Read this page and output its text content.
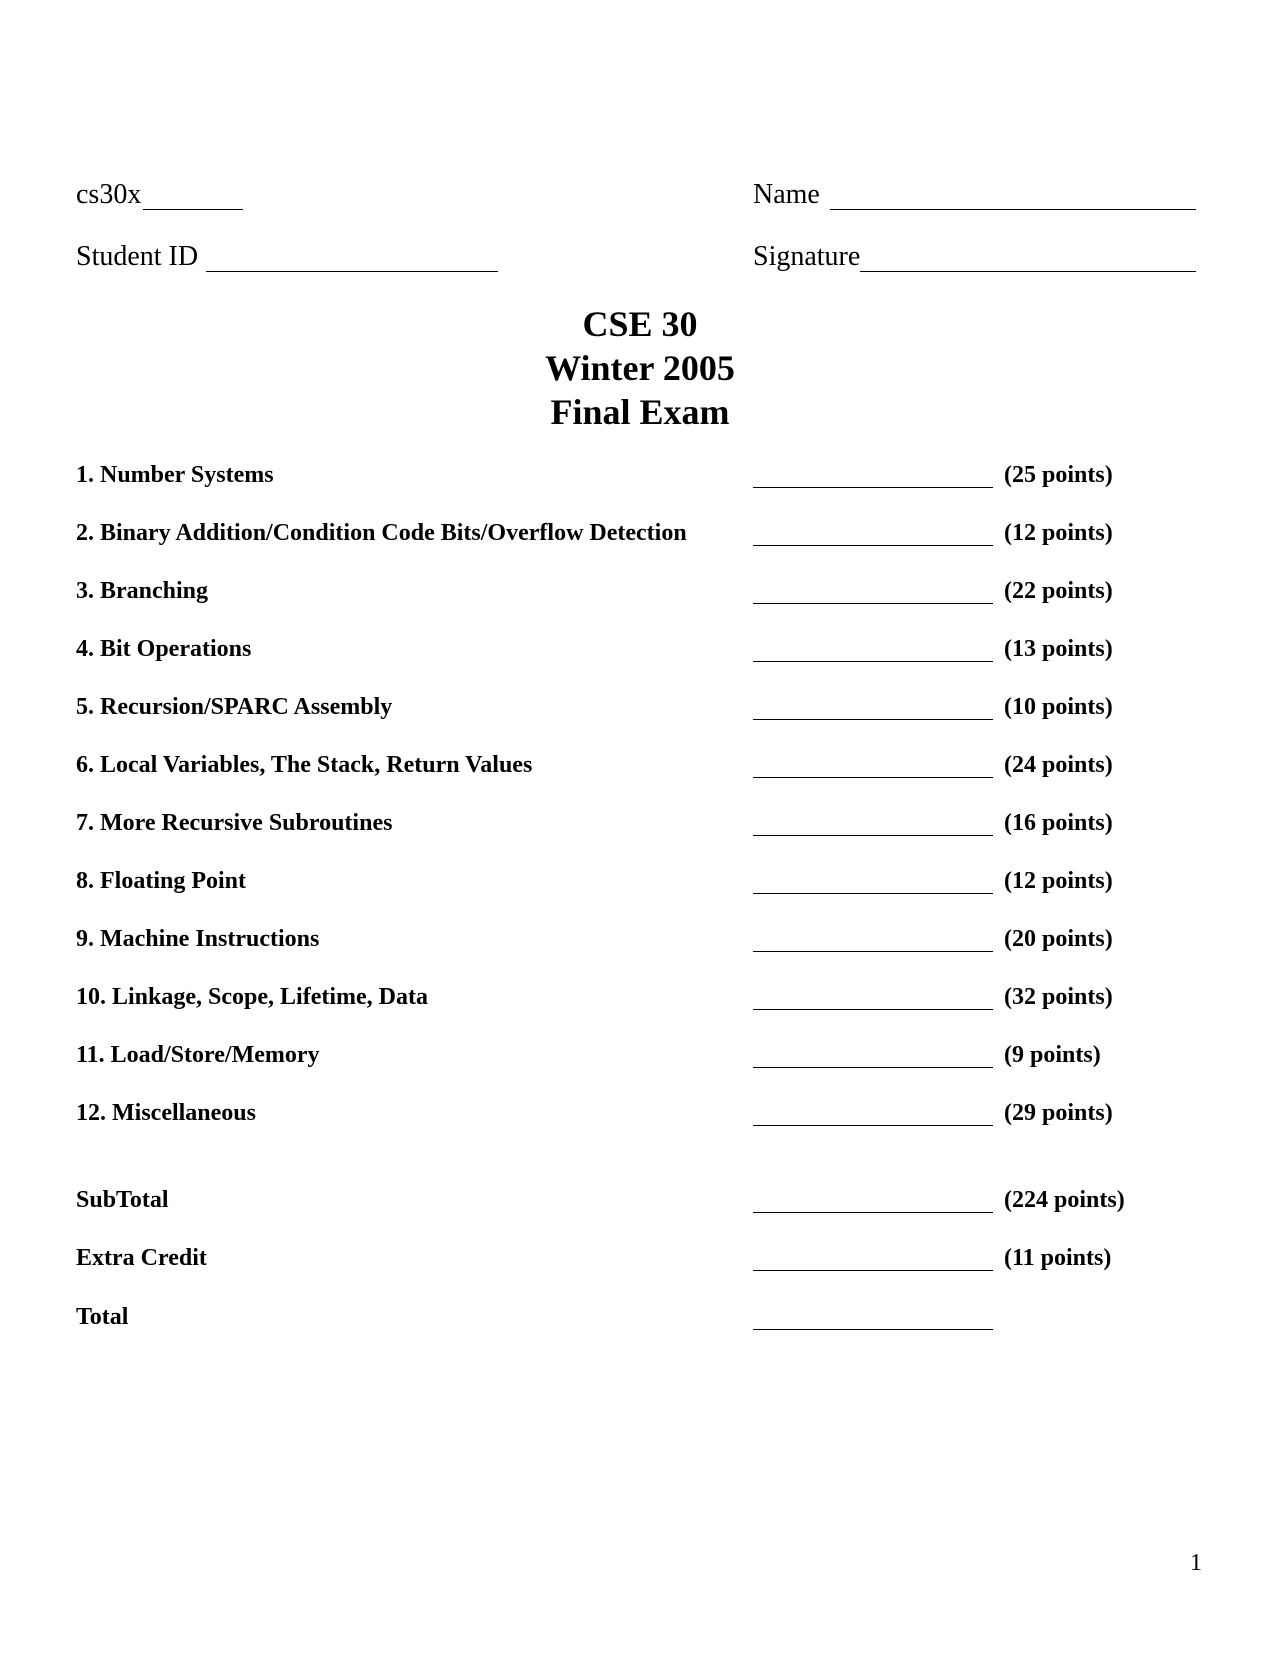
cs30x	Name
Student ID	Signature
CSE 30
Winter 2005
Final Exam
1. Number Systems	(25 points)
2. Binary Addition/Condition Code Bits/Overflow Detection	(12 points)
3. Branching	(22 points)
4. Bit Operations	(13 points)
5. Recursion/SPARC Assembly	(10 points)
6. Local Variables, The Stack, Return Values	(24 points)
7. More Recursive Subroutines	(16 points)
8. Floating Point	(12 points)
9. Machine Instructions	(20 points)
10. Linkage, Scope, Lifetime, Data	(32 points)
11. Load/Store/Memory	(9 points)
12. Miscellaneous	(29 points)
SubTotal	(224 points)
Extra Credit	(11 points)
Total
1
